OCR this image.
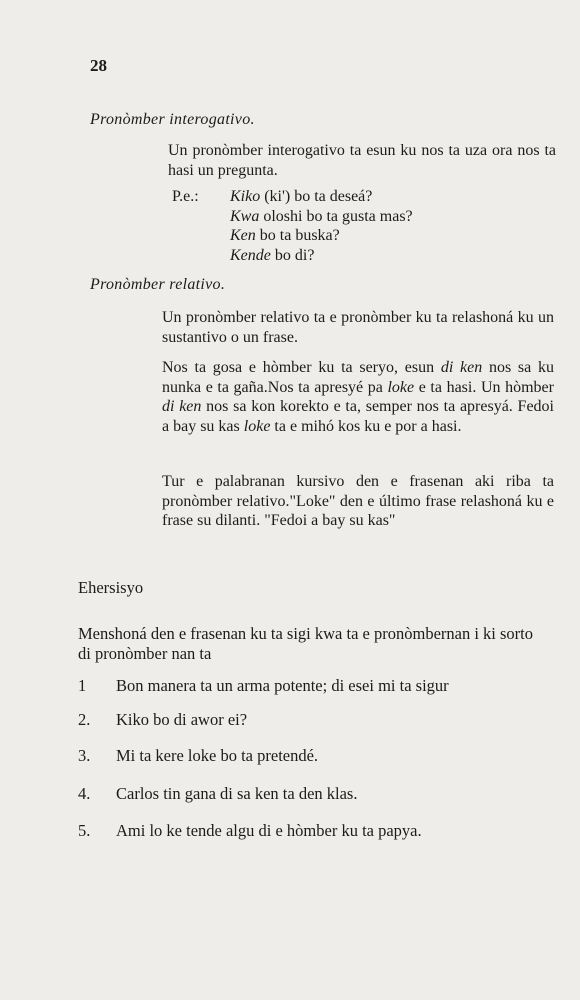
28
Pronòmber interogativo.

Un pronòmber interogativo ta esun ku nos ta uza ora nos ta hasi un pregunta.

P.e.: Kiko (ki') bo ta deseá?
Kwa oloshi bo ta gusta mas?
Ken bo ta buska?
Kende bo di?
Pronòmber relativo.

Un pronòmber relativo ta e pronòmber ku ta relashoná ku un sustantivo o un frase.

Nos ta gosa e hòmber ku ta seryo, esun di ken nos sa ku nunka e ta gaña.Nos ta apresyé pa loke e ta hasi. Un hòmber di ken nos sa kon korekto e ta, semper nos ta apresyá. Fedoi a bay su kas loke ta e mihó kos ku e por a hasi.

Tur e palabranan kursivo den e frasenan aki riba ta pronòmber relativo."Loke" den e último frase relashoná ku e frase su dilanti. "Fedoi a bay su kas"

Ehersisyo

Menshoná den e frasenan ku ta sigi kwa ta e pronòmbernan i ki sorto di pronòmber nan ta

1 Bon manera ta un arma potente; di esei mi ta sigur
2. Kiko bo di awor ei?
3. Mi ta kere loke bo ta pretendé.
4. Carlos tin gana di sa ken ta den klas.
5. Ami lo ke tende algu di e hòmber ku ta papya.
